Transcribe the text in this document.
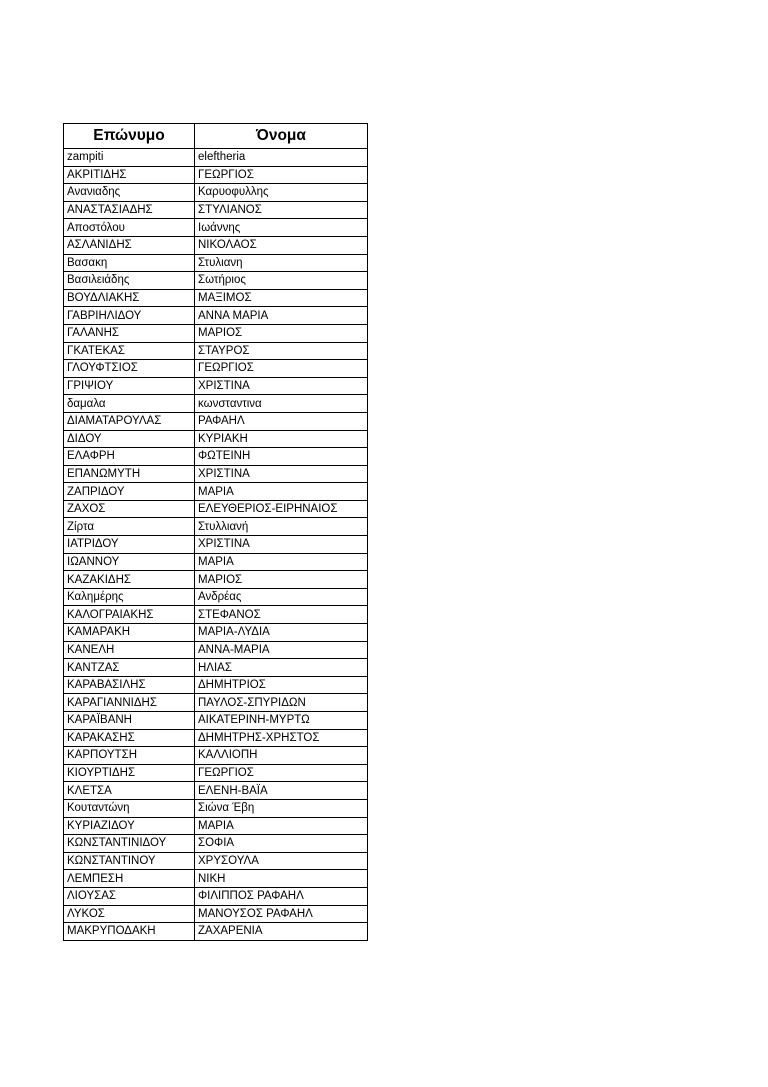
Επώνυμο	Όνομα
zampiti	eleftheria
ΑΚΡΙΤΙΔΗΣ	ΓΕΩΡΓΙΟΣ
Ανανιαδης	Καρυοφυλλης
ΑΝΑΣΤΑΣΙΑΔΗΣ	ΣΤΥΛΙΑΝΟΣ
Αποστόλου	Ιωάννης
ΑΣΛΑΝΙΔΗΣ	ΝΙΚΟΛΑΟΣ
Βασακη	Στυλιανη
Βασιλειάδης	Σωτήριος
ΒΟΥΔΛΙΑΚΗΣ	ΜΑΞΙΜΟΣ
ΓΑΒΡΙΗΛΙΔΟΥ	ΑΝΝΑ ΜΑΡΙΑ
ΓΑΛΑΝΗΣ	ΜΑΡΙΟΣ
ΓΚΑΤΕΚΑΣ	ΣΤΑΥΡΟΣ
ΓΛΟΥΦΤΣΙΟΣ	ΓΕΩΡΓΙΟΣ
ΓΡΙΨΙΟΥ	ΧΡΙΣΤΙΝΑ
δαμαλα	κωνσταντινα
ΔΙΑΜΑΤΑΡΟΥΛΑΣ	ΡΑΦΑΗΛ
ΔΙΔΟΥ	ΚΥΡΙΑΚΗ
ΕΛΑΦΡΗ	ΦΩΤΕΙΝΗ
ΕΠΑΝΩΜΥΤΗ	ΧΡΙΣΤΙΝΑ
ΖΑΠΡΙΔΟΥ	ΜΑΡΙΑ
ΖΑΧΟΣ	ΕΛΕΥΘΕΡΙΟΣ-ΕΙΡΗΝΑΙΟΣ
Ζίρτα	Στυλλιανή
ΙΑΤΡΙΔΟΥ	ΧΡΙΣΤΙΝΑ
ΙΩΑΝΝΟΥ	ΜΑΡΙΑ
ΚΑΖΑΚΙΔΗΣ	ΜΑΡΙΟΣ
Καλημέρης	Ανδρέας
ΚΑΛΟΓΡΑΙΑΚΗΣ	ΣΤΕΦΑΝΟΣ
ΚΑΜΑΡΑΚΗ	ΜΑΡΙΑ-ΛΥΔΙΑ
ΚΑΝΕΛΗ	ΑΝΝΑ-ΜΑΡΙΑ
ΚΑΝΤΖΑΣ	ΗΛΙΑΣ
ΚΑΡΑΒΑΣΙΛΗΣ	ΔΗΜΗΤΡΙΟΣ
ΚΑΡΑΓΙΑΝΝΙΔΗΣ	ΠΑΥΛΟΣ-ΣΠΥΡΙΔΩΝ
ΚΑΡΑΪΒΑΝΗ	ΑΙΚΑΤΕΡΙΝΗ-ΜΥΡΤΩ
ΚΑΡΑΚΑΣΗΣ	ΔΗΜΗΤΡΗΣ-ΧΡΗΣΤΟΣ
ΚΑΡΠΟΥΤΣΗ	ΚΑΛΛΙΟΠΗ
ΚΙΟΥΡΤΙΔΗΣ	ΓΕΩΡΓΙΟΣ
ΚΛΕΤΣΑ	ΕΛΕΝΗ-ΒΑΪΑ
Κουταντώνη	Σιώνα Έβη
ΚΥΡΙΑΖΙΔΟΥ	ΜΑΡΙΑ
ΚΩΝΣΤΑΝΤΙΝΙΔΟΥ	ΣΟΦΙΑ
ΚΩΝΣΤΑΝΤΙΝΟΥ	ΧΡΥΣΟΥΛΑ
ΛΕΜΠΕΣΗ	ΝΙΚΗ
ΛΙΟΥΣΑΣ	ΦΙΛΙΠΠΟΣ ΡΑΦΑΗΛ
ΛΥΚΟΣ	ΜΑΝΟΥΣΟΣ ΡΑΦΑΗΛ
ΜΑΚΡΥΠΟΔΑΚΗ	ΖΑΧΑΡΕΝΙΑ
